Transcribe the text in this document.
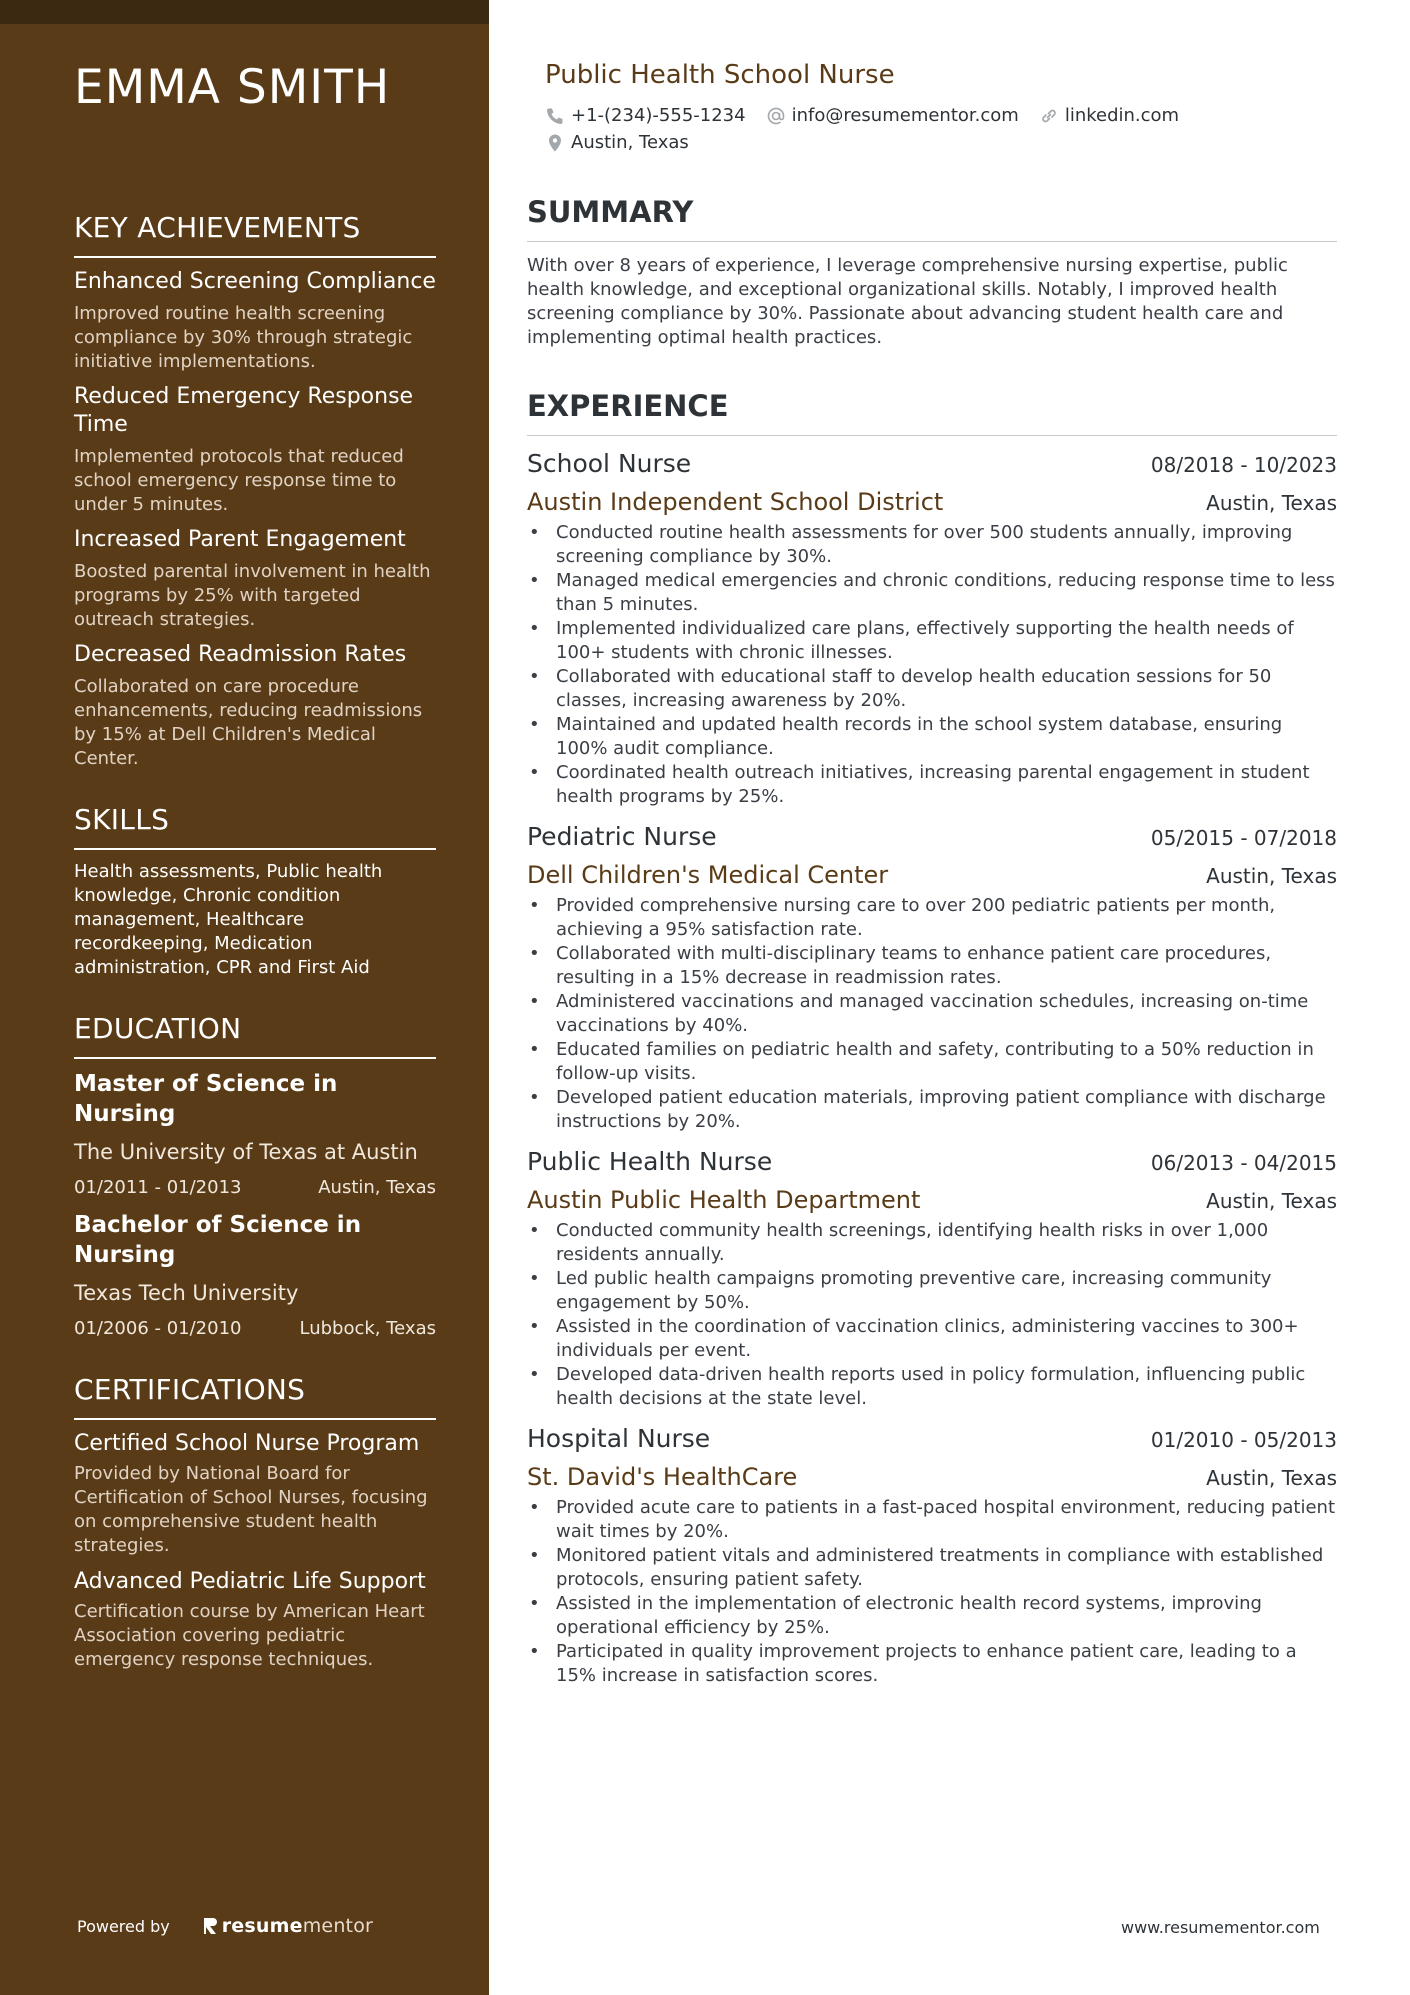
EMMA SMITH
KEY ACHIEVEMENTS
Enhanced Screening Compliance
Improved routine health screening compliance by 30% through strategic initiative implementations.
Reduced Emergency Response Time
Implemented protocols that reduced school emergency response time to under 5 minutes.
Increased Parent Engagement
Boosted parental involvement in health programs by 25% with targeted outreach strategies.
Decreased Readmission Rates
Collaborated on care procedure enhancements, reducing readmissions by 15% at Dell Children's Medical Center.
SKILLS
Health assessments, Public health knowledge, Chronic condition management, Healthcare recordkeeping, Medication administration, CPR and First Aid
EDUCATION
Master of Science in Nursing
The University of Texas at Austin
01/2011 - 01/2013	Austin, Texas
Bachelor of Science in Nursing
Texas Tech University
01/2006 - 01/2010	Lubbock, Texas
CERTIFICATIONS
Certified School Nurse Program
Provided by National Board for Certification of School Nurses, focusing on comprehensive student health strategies.
Advanced Pediatric Life Support
Certification course by American Heart Association covering pediatric emergency response techniques.
Powered by	resume mentor
Public Health School Nurse
+1-(234)-555-1234	info@resumementor.com	linkedin.com
Austin, Texas
SUMMARY

With over 8 years of experience, I leverage comprehensive nursing expertise, public health knowledge, and exceptional organizational skills. Notably, I improved health screening compliance by 30%. Passionate about advancing student health care and implementing optimal health practices.

EXPERIENCE
School Nurse	08/2018 - 10/2023
Austin Independent School District	Austin, Texas
• Conducted routine health assessments for over 500 students annually, improving screening compliance by 30%.
• Managed medical emergencies and chronic conditions, reducing response time to less than 5 minutes.
• Implemented individualized care plans, effectively supporting the health needs of 100+ students with chronic illnesses.
• Collaborated with educational staff to develop health education sessions for 50 classes, increasing awareness by 20%.
• Maintained and updated health records in the school system database, ensuring 100% audit compliance.
• Coordinated health outreach initiatives, increasing parental engagement in student health programs by 25%.
Pediatric Nurse	05/2015 - 07/2018
Dell Children's Medical Center	Austin, Texas
• Provided comprehensive nursing care to over 200 pediatric patients per month, achieving a 95% satisfaction rate.
• Collaborated with multi-disciplinary teams to enhance patient care procedures, resulting in a 15% decrease in readmission rates.
• Administered vaccinations and managed vaccination schedules, increasing on-time vaccinations by 40%.
• Educated families on pediatric health and safety, contributing to a 50% reduction in follow-up visits.
• Developed patient education materials, improving patient compliance with discharge instructions by 20%.
Public Health Nurse	06/2013 - 04/2015
Austin Public Health Department	Austin, Texas
• Conducted community health screenings, identifying health risks in over 1,000 residents annually.
• Led public health campaigns promoting preventive care, increasing community engagement by 50%.
• Assisted in the coordination of vaccination clinics, administering vaccines to 300+ individuals per event.
• Developed data-driven health reports used in policy formulation, influencing public health decisions at the state level.
Hospital Nurse	01/2010 - 05/2013
St. David's HealthCare	Austin, Texas
• Provided acute care to patients in a fast-paced hospital environment, reducing patient wait times by 20%.
• Monitored patient vitals and administered treatments in compliance with established protocols, ensuring patient safety.
• Assisted in the implementation of electronic health record systems, improving operational efficiency by 25%.
• Participated in quality improvement projects to enhance patient care, leading to a 15% increase in satisfaction scores.
www.resumementor.com
